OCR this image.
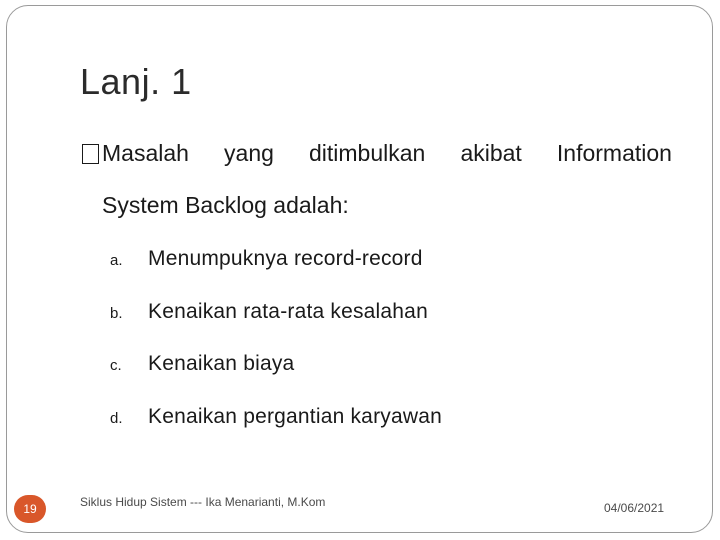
Lanj. 1
Masalah yang ditimbulkan akibat Information
System Backlog adalah:
a.	Menumpuknya record-record
b.	Kenaikan rata-rata kesalahan
c.	Kenaikan biaya
d.	Kenaikan pergantian karyawan
19	Siklus Hidup Sistem --- Ika Menarianti, M.Kom	04/06/2021
